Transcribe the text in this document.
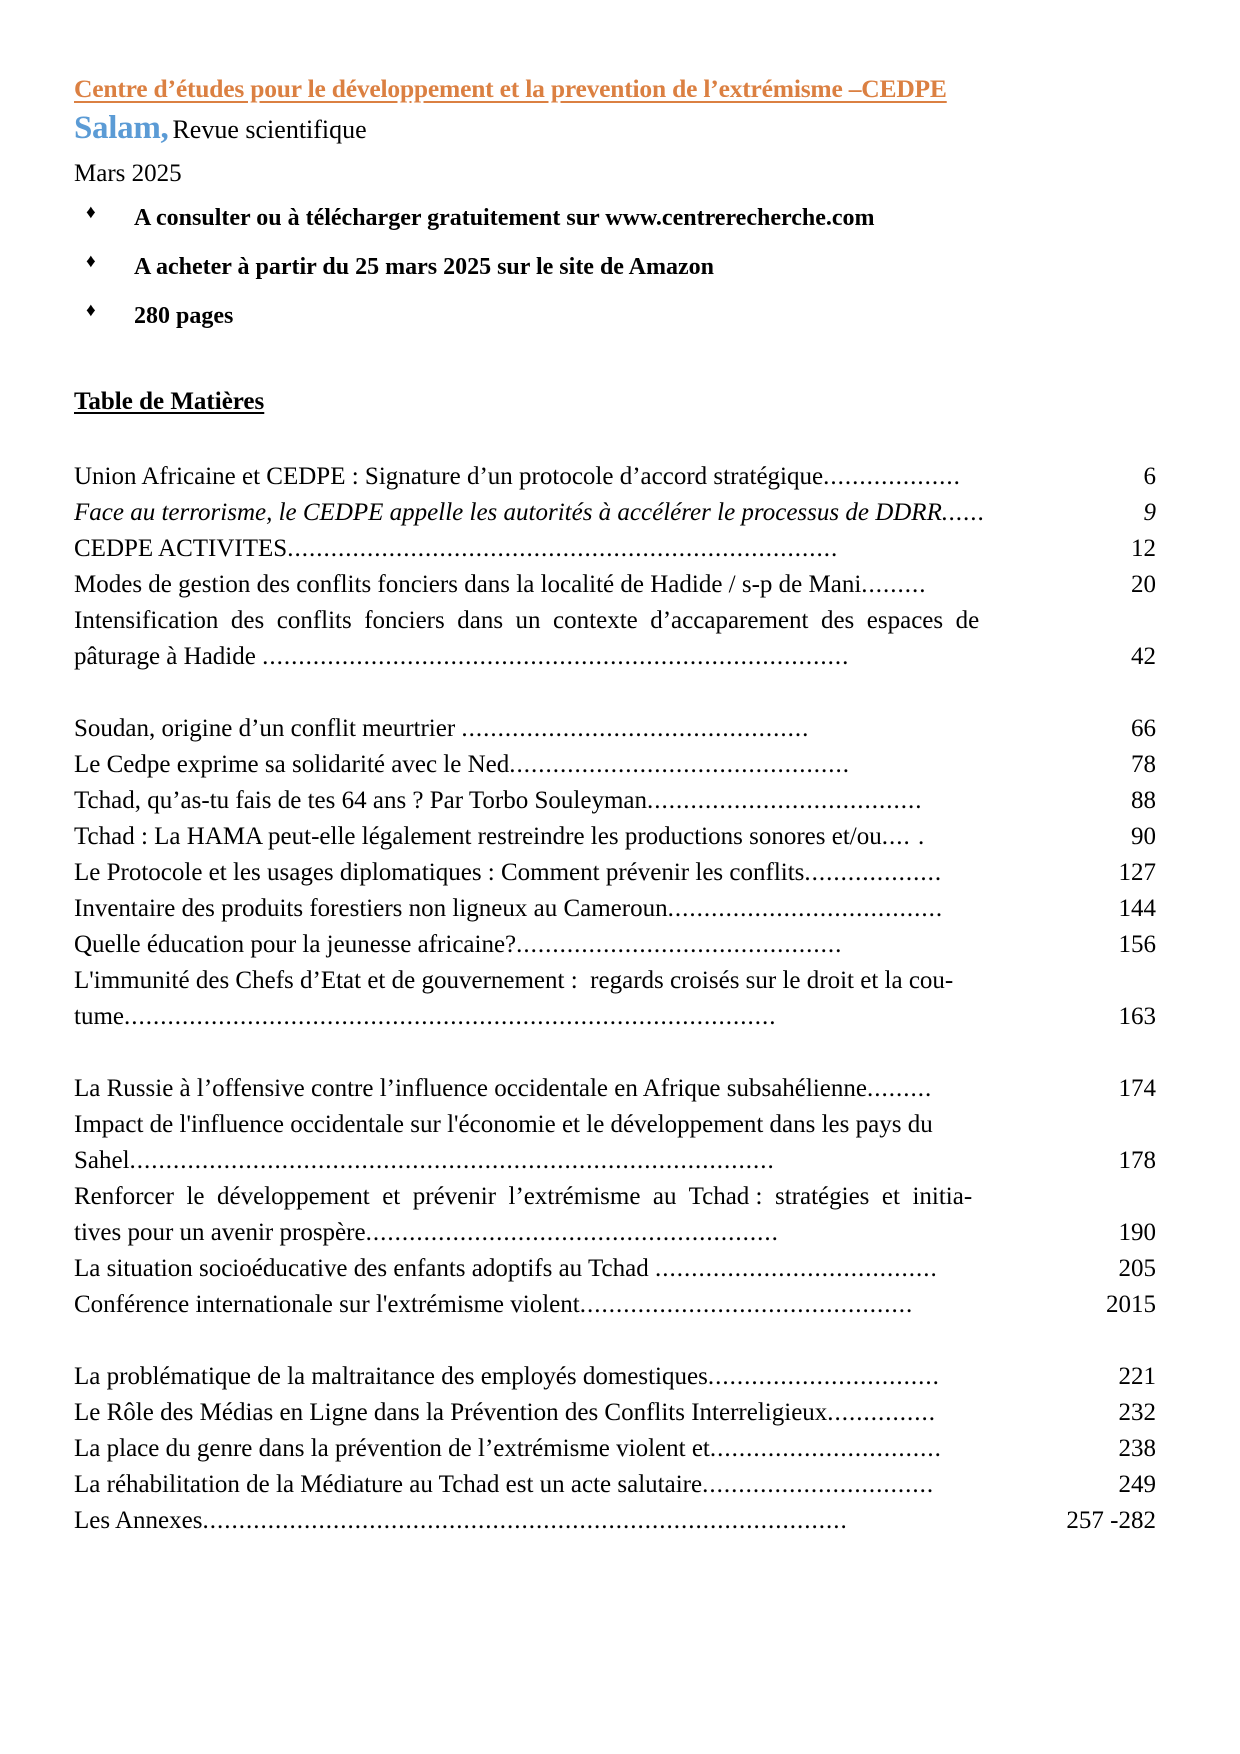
Centre d’études pour le développement et la prevention de l’extrémisme –CEDPE
Salam, Revue scientifique
Mars 2025
♦ A consulter ou à télécharger gratuitement sur www.centrerecherche.com
♦ A acheter à partir du 25 mars 2025 sur le site de Amazon
♦ 280 pages
Table de Matières
Union Africaine et CEDPE : Signature d’un protocole d’accord stratégique ...................	6
Face au terrorisme, le CEDPE appelle les autorités à accélérer le processus de DDRR ......	9
CEDPE ACTIVITES ............................................................................	12
Modes de gestion des conflits fonciers dans la localité de Hadide / s-p de Mani .........	20
Intensification  des  conflits  fonciers  dans  un  contexte  d’accaparement  des  espaces  de
pâturage à Hadide .................................................................................	42
Soudan, origine d’un conflit meurtrier ................................................	66
Le Cedpe exprime sa solidarité avec le Ned ...............................................	78
Tchad, qu’as-tu fais de tes 64 ans ? Par Torbo Souleyman ......................................	88
Tchad : La HAMA peut-elle légalement restreindre les productions sonores et/ou .... .	90
Le Protocole et les usages diplomatiques : Comment prévenir les conflits ...................	127
Inventaire des produits forestiers non ligneux au Cameroun ......................................	144
Quelle éducation pour la jeunesse africaine? .............................................	156
L'immunité des Chefs d’Etat et de gouvernement :  regards croisés sur le droit et la cou-
tume ..........................................................................................	163
La Russie à l’offensive contre l’influence occidentale en Afrique subsahélienne .........	174
Impact de l'influence occidentale sur l'économie et le développement dans les pays du
Sahel .........................................................................................	178
Renforcer  le  développement  et  prévenir  l’extrémisme  au  Tchad :  stratégies  et  initia-
tives pour un avenir prospère .........................................................	190
La situation socioéducative des enfants adoptifs au Tchad .......................................	205
Conférence internationale sur l'extrémisme violent ..............................................	2015
La problématique de la maltraitance des employés domestiques ................................	221
Le Rôle des Médias en Ligne dans la Prévention des Conflits Interreligieux ...............	232
La place du genre dans la prévention de l’extrémisme violent et ................................	238
La réhabilitation de la Médiature au Tchad est un acte salutaire ................................	249
Les Annexes .........................................................................................	257 -282
